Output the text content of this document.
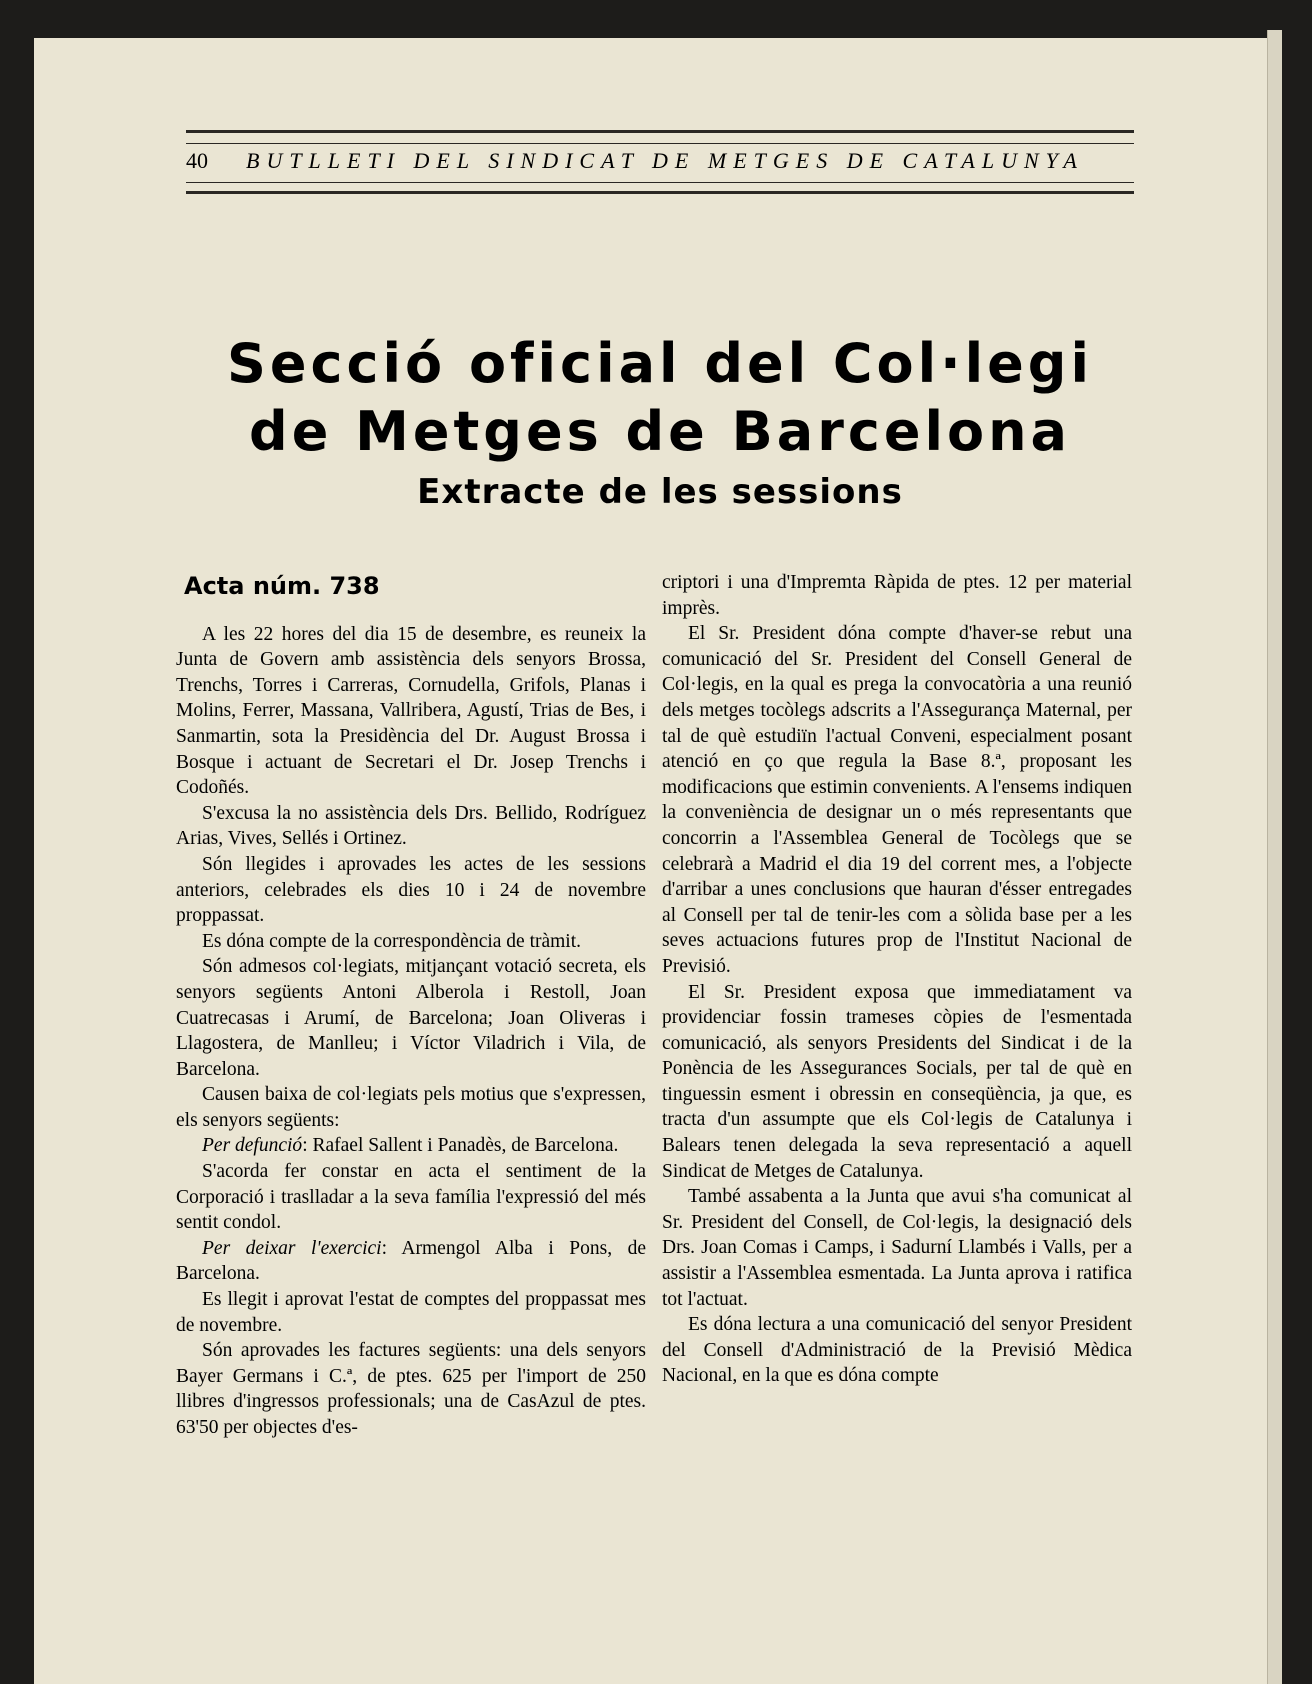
40	BUTLLETI DEL SINDICAT DE METGES DE CATALUNYA
Secció oficial del Col·legi
de Metges de Barcelona
Extracte de les sessions
Acta núm. 738

A les 22 hores del dia 15 de desembre, es reuneix la Junta de Govern amb assistència dels senyors Brossa, Trenchs, Torres i Carreras, Cornudella, Grifols, Planas i Molins, Ferrer, Massana, Vallribera, Agustí, Trias de Bes, i Sanmartin, sota la Presidència del Dr. August Brossa i Bosque i actuant de Secretari el Dr. Josep Trenchs i Codoñés.

S'excusa la no assistència dels Drs. Bellido, Rodríguez Arias, Vives, Sellés i Ortinez.

Són llegides i aprovades les actes de les sessions anteriors, celebrades els dies 10 i 24 de novembre proppassat.

Es dóna compte de la correspondència de tràmit.

Són admesos col·legiats, mitjançant votació secreta, els senyors següents Antoni Alberola i Restoll, Joan Cuatrecasas i Arumí, de Barcelona; Joan Oliveras i Llagostera, de Manlleu; i Víctor Viladrich i Vila, de Barcelona.

Causen baixa de col·legiats pels motius que s'expressen, els senyors següents:

Per defunció: Rafael Sallent i Panadès, de Barcelona.

S'acorda fer constar en acta el sentiment de la Corporació i traslladar a la seva família l'expressió del més sentit condol.

Per deixar l'exercici: Armengol Alba i Pons, de Barcelona.

Es llegit i aprovat l'estat de comptes del proppassat mes de novembre.

Són aprovades les factures següents: una dels senyors Bayer Germans i C.ª, de ptes. 625 per l'import de 250 llibres d'ingressos professionals; una de CasAzul de ptes. 63'50 per objectes d'es-

criptori i una d'Impremta Ràpida de ptes. 12 per material imprès.

El Sr. President dóna compte d'haver-se rebut una comunicació del Sr. President del Consell General de Col·legis, en la qual es prega la convocatòria a una reunió dels metges tocòlegs adscrits a l'Assegurança Maternal, per tal de què estudiïn l'actual Conveni, especialment posant atenció en ço que regula la Base 8.ª, proposant les modificacions que estimin convenients. A l'ensems indiquen la conveniència de designar un o més representants que concorrin a l'Assemblea General de Tocòlegs que se celebrarà a Madrid el dia 19 del corrent mes, a l'objecte d'arribar a unes conclusions que hauran d'ésser entregades al Consell per tal de tenir-les com a sòlida base per a les seves actuacions futures prop de l'Institut Nacional de Previsió.

El Sr. President exposa que immediatament va providenciar fossin trameses còpies de l'esmentada comunicació, als senyors Presidents del Sindicat i de la Ponència de les Assegurances Socials, per tal de què en tinguessin esment i obressin en conseqüència, ja que, es tracta d'un assumpte que els Col·legis de Catalunya i Balears tenen delegada la seva representació a aquell Sindicat de Metges de Catalunya.

També assabenta a la Junta que avui s'ha comunicat al Sr. President del Consell, de Col·legis, la designació dels Drs. Joan Comas i Camps, i Sadurní Llambés i Valls, per a assistir a l'Assemblea esmentada. La Junta aprova i ratifica tot l'actuat.

Es dóna lectura a una comunicació del senyor President del Consell d'Administració de la Previsió Mèdica Nacional, en la que es dóna compte
